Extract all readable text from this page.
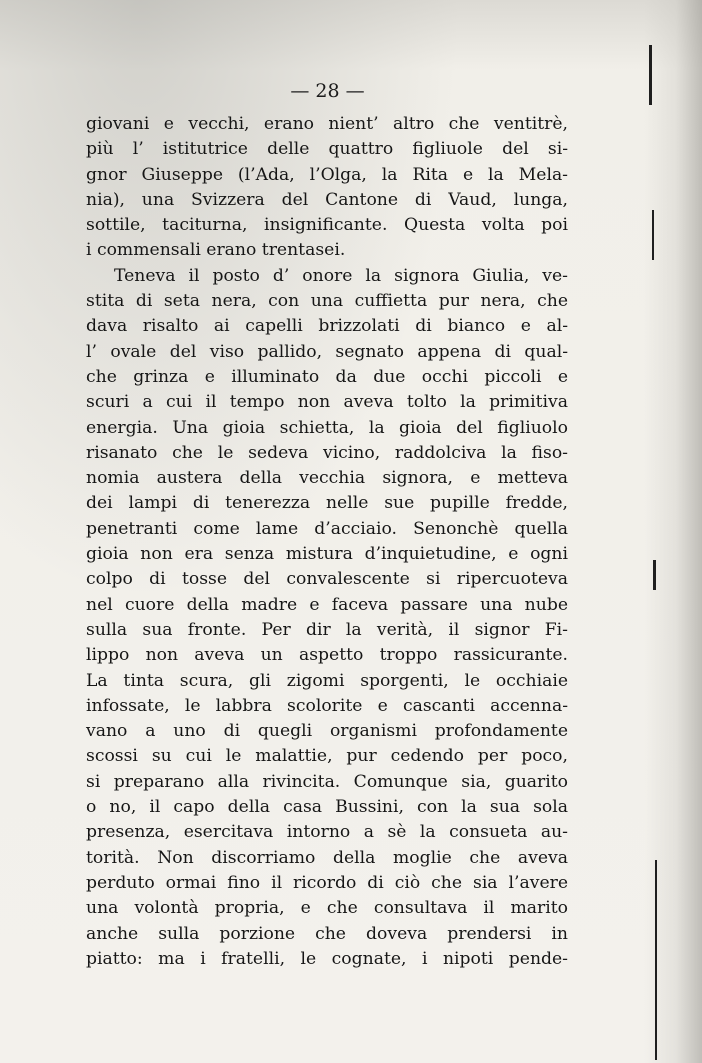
— 28 —
giovani e vecchi, erano nient’ altro che ventitrè,
più l’ istitutrice delle quattro figliuole del si-
gnor Giuseppe (l’Ada, l’Olga, la Rita e la Mela-
nia), una Svizzera del Cantone di Vaud, lunga,
sottile, taciturna, insignificante. Questa volta poi
i commensali erano trentasei.
Teneva il posto d’ onore la signora Giulia, ve-
stita di seta nera, con una cuffietta pur nera, che
dava risalto ai capelli brizzolati di bianco e al-
l’ ovale del viso pallido, segnato appena di qual-
che grinza e illuminato da due occhi piccoli e
scuri a cui il tempo non aveva tolto la primitiva
energia. Una gioia schietta, la gioia del figliuolo
risanato che le sedeva vicino, raddolciva la fiso-
nomia austera della vecchia signora, e metteva
dei lampi di tenerezza nelle sue pupille fredde,
penetranti come lame d’acciaio. Senonchè quella
gioia non era senza mistura d’inquietudine, e ogni
colpo di tosse del convalescente si ripercuoteva
nel cuore della madre e faceva passare una nube
sulla sua fronte. Per dir la verità, il signor Fi-
lippo non aveva un aspetto troppo rassicurante.
La tinta scura, gli zigomi sporgenti, le occhiaie
infossate, le labbra scolorite e cascanti accenna-
vano a uno di quegli organismi profondamente
scossi su cui le malattie, pur cedendo per poco,
si preparano alla rivincita. Comunque sia, guarito
o no, il capo della casa Bussini, con la sua sola
presenza, esercitava intorno a sè la consueta au-
torità. Non discorriamo della moglie che aveva
perduto ormai fino il ricordo di ciò che sia l’avere
una volontà propria, e che consultava il marito
anche sulla porzione che doveva prendersi in
piatto: ma i fratelli, le cognate, i nipoti pende-
